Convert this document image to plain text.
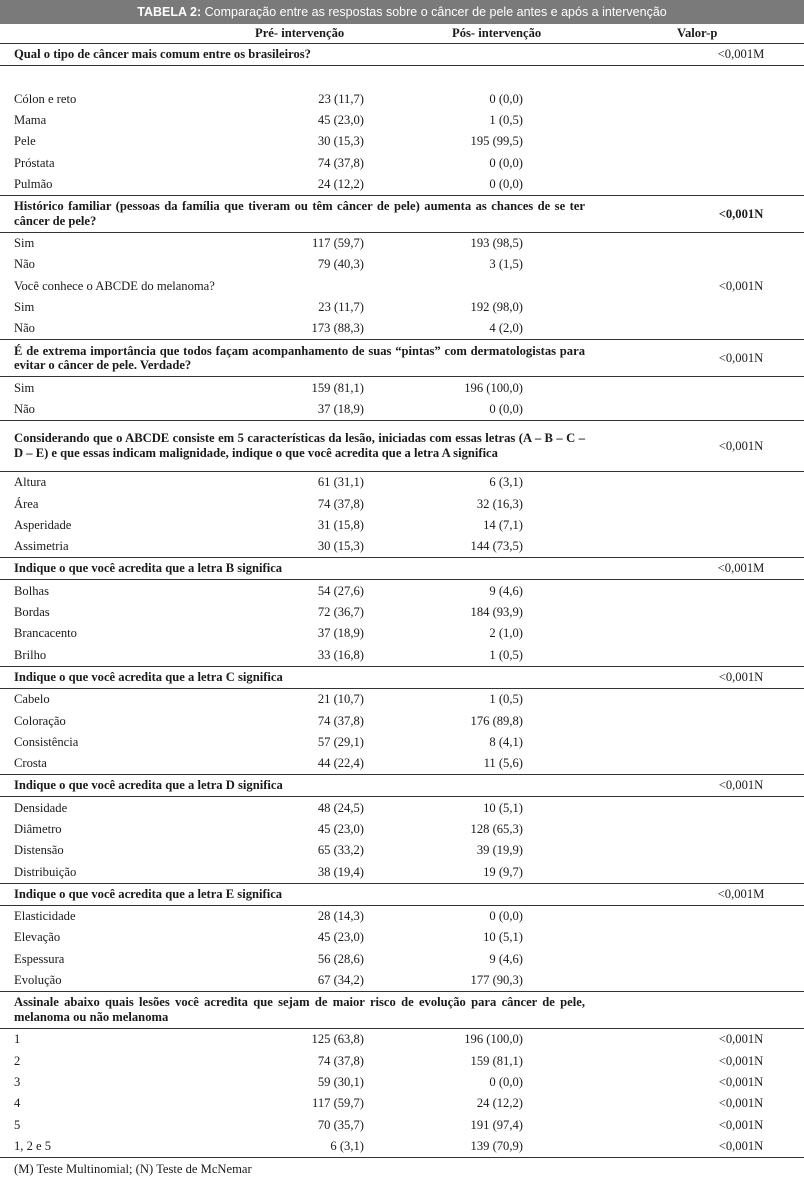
TABELA 2: Comparação entre as respostas sobre o câncer de pele antes e após a intervenção
Pré- intervenção Pós- intervenção Valor-p			

Qual o tipo de câncer mais comum entre os brasileiros?			<0,001M

Cólon e reto	23 (11,7)	0 (0,0)	
Mama	45 (23,0)	1 (0,5)	
Pele	30 (15,3)	195 (99,5)	
Próstata	74 (37,8)	0 (0,0)	
Pulmão	24 (12,2)	0 (0,0)	
Histórico familiar (pessoas da família que tiveram ou têm câncer de pele) aumenta as chances de se ter câncer de pele?			<0,001N
Sim	117 (59,7)	193 (98,5)	
Não	79 (40,3)	3 (1,5)	
Você conhece o ABCDE do melanoma?			<0,001N
Sim	23 (11,7)	192 (98,0)	
Não	173 (88,3)	4 (2,0)	
É de extrema importância que todos façam acompanhamento de suas “pintas” com dermatologistas para evitar o câncer de pele. Verdade?			<0,001N
Sim	159 (81,1)	196 (100,0)	
Não	37 (18,9)	0 (0,0)	
Considerando que o ABCDE consiste em 5 características da lesão, iniciadas com essas letras (A – B – C – D – E) e que essas indicam malignidade, indique o que você acredita que a letra A significa			<0,001N
Altura	61 (31,1)	6 (3,1)	
Área	74 (37,8)	32 (16,3)	
Asperidade	31 (15,8)	14 (7,1)	
Assimetria	30 (15,3)	144 (73,5)	
Indique o que você acredita que a letra B significa			<0,001M
Bolhas	54 (27,6)	9 (4,6)	
Bordas	72 (36,7)	184 (93,9)	
Brancacento	37 (18,9)	2 (1,0)	
Brilho	33 (16,8)	1 (0,5)	
Indique o que você acredita que a letra C significa			<0,001N
Cabelo	21 (10,7)	1 (0,5)	
Coloração	74 (37,8)	176 (89,8)	
Consistência	57 (29,1)	8 (4,1)	
Crosta	44 (22,4)	11 (5,6)	
Indique o que você acredita que a letra D significa			<0,001N
Densidade	48 (24,5)	10 (5,1)	
Diâmetro	45 (23,0)	128 (65,3)	
Distensão	65 (33,2)	39 (19,9)	
Distribuição	38 (19,4)	19 (9,7)	
Indique o que você acredita que a letra E significa			<0,001M
Elasticidade	28 (14,3)	0 (0,0)	
Elevação	45 (23,0)	10 (5,1)	
Espessura	56 (28,6)	9 (4,6)	
Evolução	67 (34,2)	177 (90,3)	
Assinale abaixo quais lesões você acredita que sejam de maior risco de evolução para câncer de pele, melanoma ou não melanoma			
1	125 (63,8)	196 (100,0)	<0,001N
2	74 (37,8)	159 (81,1)	<0,001N
3	59 (30,1)	0 (0,0)	<0,001N
4	117 (59,7)	24 (12,2)	<0,001N
5	70 (35,7)	191 (97,4)	<0,001N
1, 2 e 5	6 (3,1)	139 (70,9)	<0,001N
(M) Teste Multinomial; (N) Teste de McNemar
